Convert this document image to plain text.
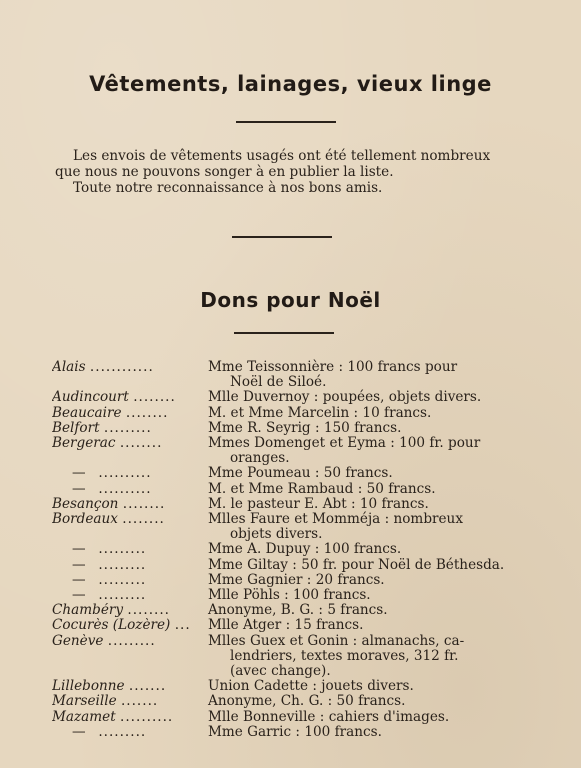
Vêtements, lainages, vieux linge
Les envois de vêtements usagés ont été tellement nombreux
que nous ne pouvons songer à en publier la liste.
Toute notre reconnaissance à nos bons amis.
Dons pour Noël
Alais ............	Mme Teissonnière : 100 francs pour
Noël de Siloé.
Audincourt ........	Mlle Duvernoy : poupées, objets divers.
Beaucaire ........	M. et Mme Marcelin : 10 francs.
Belfort .........	Mme R. Seyrig : 150 francs.
Bergerac ........	Mmes Domenget et Eyma : 100 fr. pour
oranges.
— ..........	Mme Poumeau : 50 francs.
— ..........	M. et Mme Rambaud : 50 francs.
Besançon ........	M. le pasteur E. Abt : 10 francs.
Bordeaux ........	Mlles Faure et Momméja : nombreux
objets divers.
— .........	Mme A. Dupuy : 100 francs.
— .........	Mme Giltay : 50 fr. pour Noël de Béthesda.
— .........	Mme Gagnier : 20 francs.
— .........	Mlle Pöhls : 100 francs.
Chambéry ........	Anonyme, B. G. : 5 francs.
Cocurès (Lozère) ...	Mlle Atger : 15 francs.
Genève .........	Mlles Guex et Gonin : almanachs, ca-
lendriers, textes moraves, 312 fr.
(avec change).
Lillebonne .......	Union Cadette : jouets divers.
Marseille .......	Anonyme, Ch. G. : 50 francs.
Mazamet ..........	Mlle Bonneville : cahiers d'images.
— .........	Mme Garric : 100 francs.
